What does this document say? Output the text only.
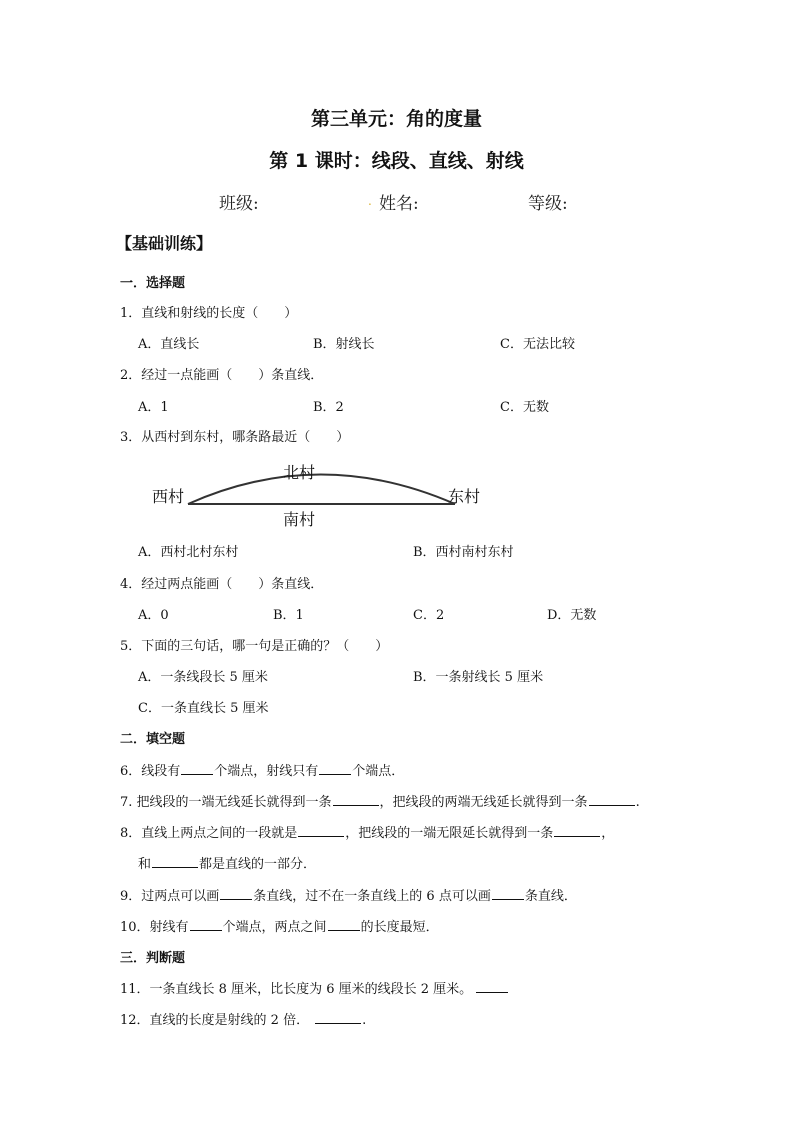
第三单元：角的度量
第 1 课时：线段、直线、射线
班级:	. 姓名:	等级:
【基础训练】
一．选择题
1．直线和射线的长度（　　）
A．直线长	B．射线长	C．无法比较
2．经过一点能画（　　）条直线．
A．1	B．2	C．无数
3．从西村到东村，哪条路最近（　　）
西村
北村
东村
南村
A．西村北村东村	B．西村南村东村
4．经过两点能画（　　）条直线．
A．0	B．1	C．2	D．无数
5．下面的三句话，哪一句是正确的？（　　）
A．一条线段长 5 厘米	B．一条射线长 5 厘米
C．一条直线长 5 厘米
二．填空题
6．线段有	个端点，射线只有	个端点．
7. 把线段的一端无线延长就得到一条	，把线段的两端无线延长就得到一条	.
8．直线上两点之间的一段就是	，把线段的一端无限延长就得到一条	，
和	都是直线的一部分．
9．过两点可以画	条直线，过不在一条直线上的 6 点可以画	条直线．
10．射线有	个端点，两点之间	的长度最短．
三．判断题
11．一条直线长 8 厘米，比长度为 6 厘米的线段长 2 厘米。
12．直线的长度是射线的 2 倍．	.
